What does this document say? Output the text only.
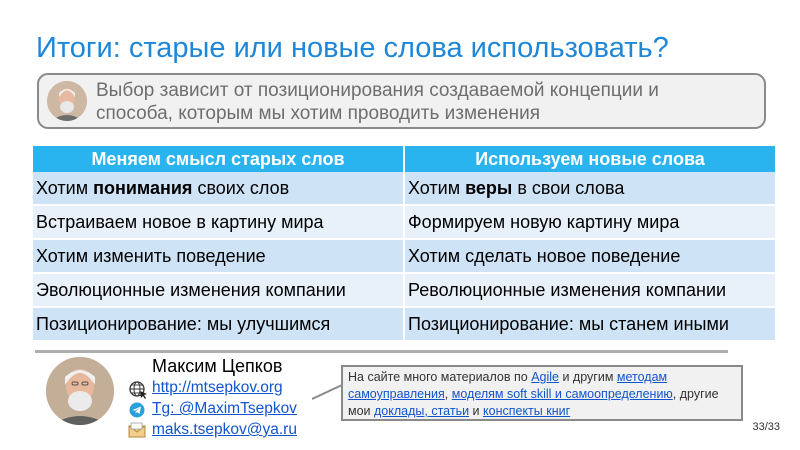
Итоги: старые или новые слова использовать?
Выбор зависит от позиционирования создаваемой концепции и способа, которым мы хотим проводить изменения
Меняем смысл старых слов	Используем новые слова
Хотим понимания своих слов	Хотим веры в свои слова
Встраиваем новое в картину мира	Формируем новую картину мира
Хотим изменить поведение	Хотим сделать новое поведение
Эволюционные изменения компании	Революционные изменения компании
Позиционирование: мы улучшимся	Позиционирование: мы станем иными
Максим Цепков
http://mtsepkov.org
Tg: @MaximTsepkov
maks.tsepkov@ya.ru
На сайте много материалов по Agile и другим методам самоуправления, моделям soft skill и самоопределению, другие мои доклады, статьи и конспекты книг
33/33
